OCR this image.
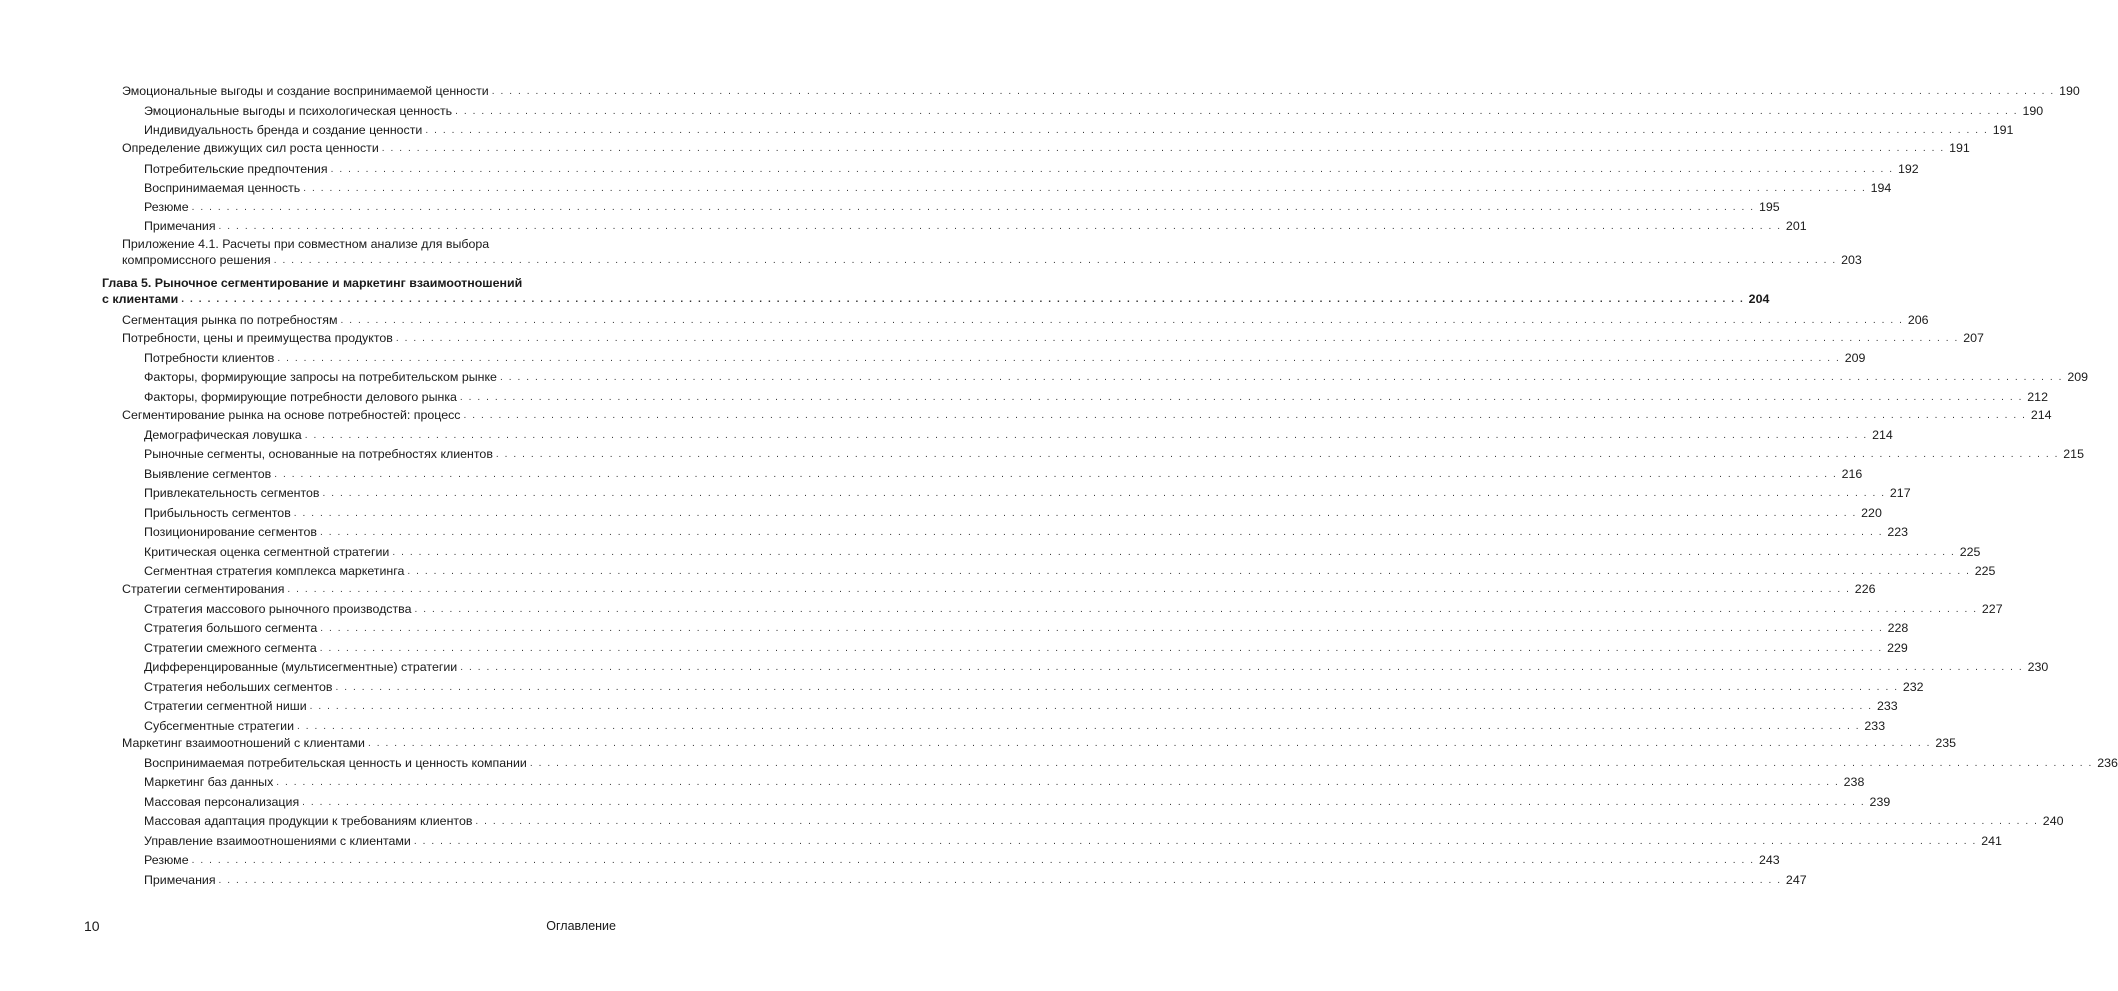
Эмоциональные выгоды и создание воспринимаемой ценности . . .	190
Эмоциональные выгоды и психологическая ценность . . .	190
Индивидуальность бренда и создание ценности . . .	191
Определение движущих сил роста ценности . . .	191
Потребительские предпочтения . . .	192
Воспринимаемая ценность . . .	194
Резюме . . .	195
Примечания . . .	201
Приложение 4.1. Расчеты при совместном анализе для выбора
компромиссного решения . . .	203
Глава 5. Рыночное сегментирование и маркетинг взаимоотношений
с клиентами . . .	204
Сегментация рынка по потребностям . . .	206
Потребности, цены и преимущества продуктов . . .	207
Потребности клиентов . . .	209
Факторы, формирующие запросы на потребительском рынке . . .	209
Факторы, формирующие потребности делового рынка . . .	212
Сегментирование рынка на основе потребностей: процесс . . .	214
Демографическая ловушка . . .	214
Рыночные сегменты, основанные на потребностях клиентов . . .	215
Выявление сегментов . . .	216
Привлекательность сегментов . . .	217
Прибыльность сегментов . . .	220
Позиционирование сегментов . . .	223
Критическая оценка сегментной стратегии . . .	225
Сегментная стратегия комплекса маркетинга . . .	225
Стратегии сегментирования . . .	226
Стратегия массового рыночного производства . . .	227
Стратегия большого сегмента . . .	228
Стратегии смежного сегмента . . .	229
Дифференцированные (мультисегментные) стратегии . . .	230
Стратегия небольших сегментов . . .	232
Стратегии сегментной ниши . . .	233
Субсегментные стратегии . . .	233
Маркетинг взаимоотношений с клиентами . . .	235
Воспринимаемая потребительская ценность и ценность компании . . .	236
Маркетинг баз данных . . .	238
Массовая персонализация . . .	239
Массовая адаптация продукции к требованиям клиентов . . .	240
Управление взаимоотношениями с клиентами . . .	241
Резюме . . .	243
Примечания . . .	247
10	Оглавление
